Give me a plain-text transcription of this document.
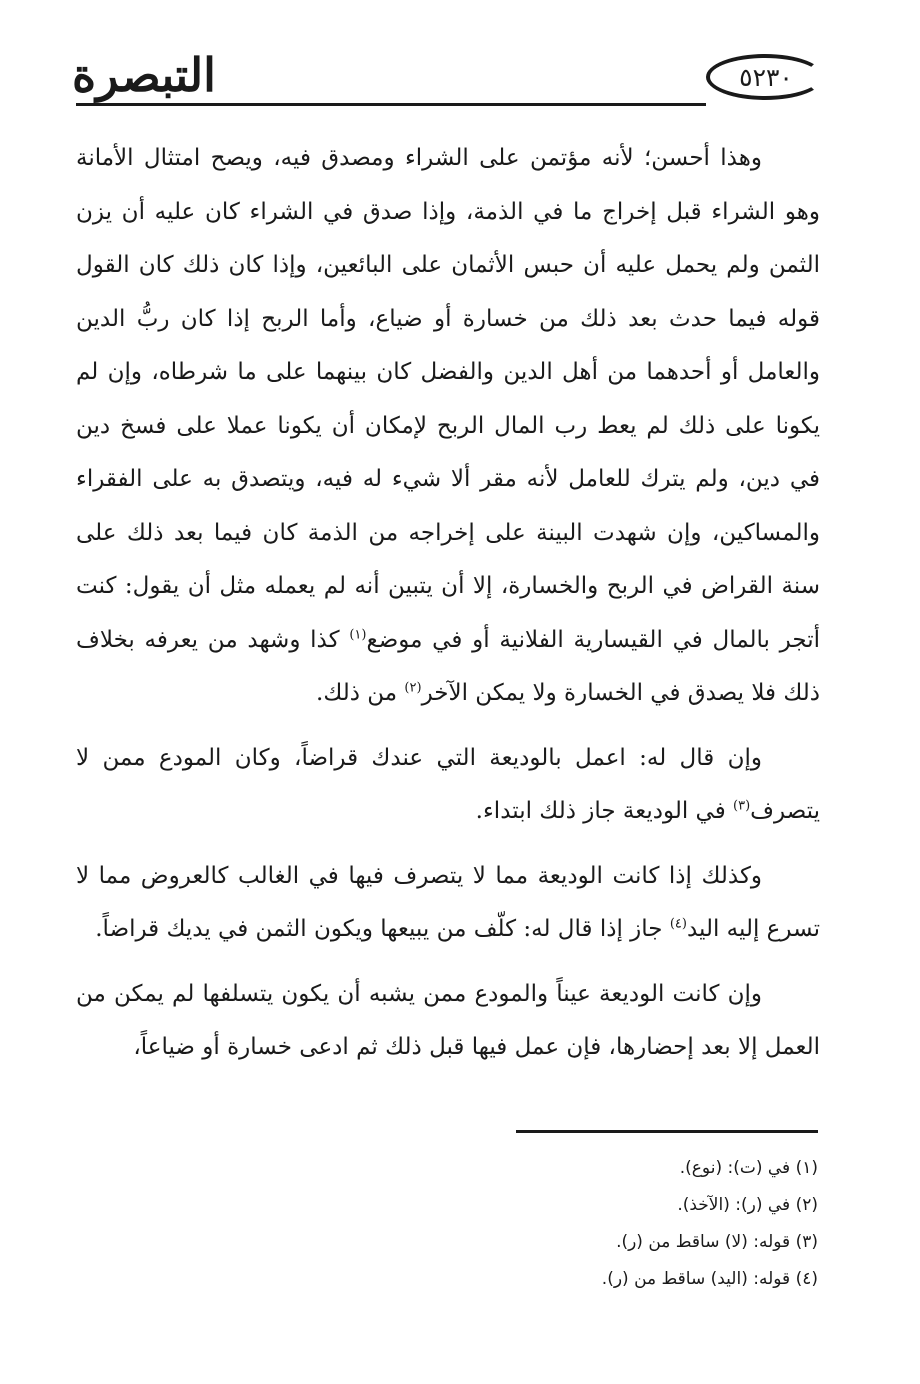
٥٢٣٠
التبصرة

وهذا أحسن؛ لأنه مؤتمن على الشراء ومصدق فيه، ويصح امتثال الأمانة وهو الشراء قبل إخراج ما في الذمة، وإذا صدق في الشراء كان عليه أن يزن الثمن ولم يحمل عليه أن حبس الأثمان على البائعين، وإذا كان ذلك كان القول قوله فيما حدث بعد ذلك من خسارة أو ضياع، وأما الربح إذا كان ربُّ الدين والعامل أو أحدهما من أهل الدين والفضل كان بينهما على ما شرطاه، وإن لم يكونا على ذلك لم يعط رب المال الربح لإمكان أن يكونا عملا على فسخ دين في دين، ولم يترك للعامل لأنه مقر ألا شيء له فيه، ويتصدق به على الفقراء والمساكين، وإن شهدت البينة على إخراجه من الذمة كان فيما بعد ذلك على سنة القراض في الربح والخسارة، إلا أن يتبين أنه لم يعمله مثل أن يقول: كنت أتجر بالمال في القيسارية الفلانية أو في موضع$^{(١)}$ كذا وشهد من يعرفه بخلاف ذلك فلا يصدق في الخسارة ولا يمكن الآخر$^{(٢)}$ من ذلك.

وإن قال له: اعمل بالوديعة التي عندك قراضاً، وكان المودع ممن لا يتصرف$^{(٣)}$ في الوديعة جاز ذلك ابتداء.

وكذلك إذا كانت الوديعة مما لا يتصرف فيها في الغالب كالعروض مما لا تسرع إليه اليد$^{(٤)}$ جاز إذا قال له: كلّف من يبيعها ويكون الثمن في يديك قراضاً.

وإن كانت الوديعة عيناً والمودع ممن يشبه أن يكون يتسلفها لم يمكن من العمل إلا بعد إحضارها، فإن عمل فيها قبل ذلك ثم ادعى خسارة أو ضياعاً،

(١) في (ت): (نوع).
(٢) في (ر): (الآخذ).
(٣) قوله: (لا) ساقط من (ر).
(٤) قوله: (اليد) ساقط من (ر).
